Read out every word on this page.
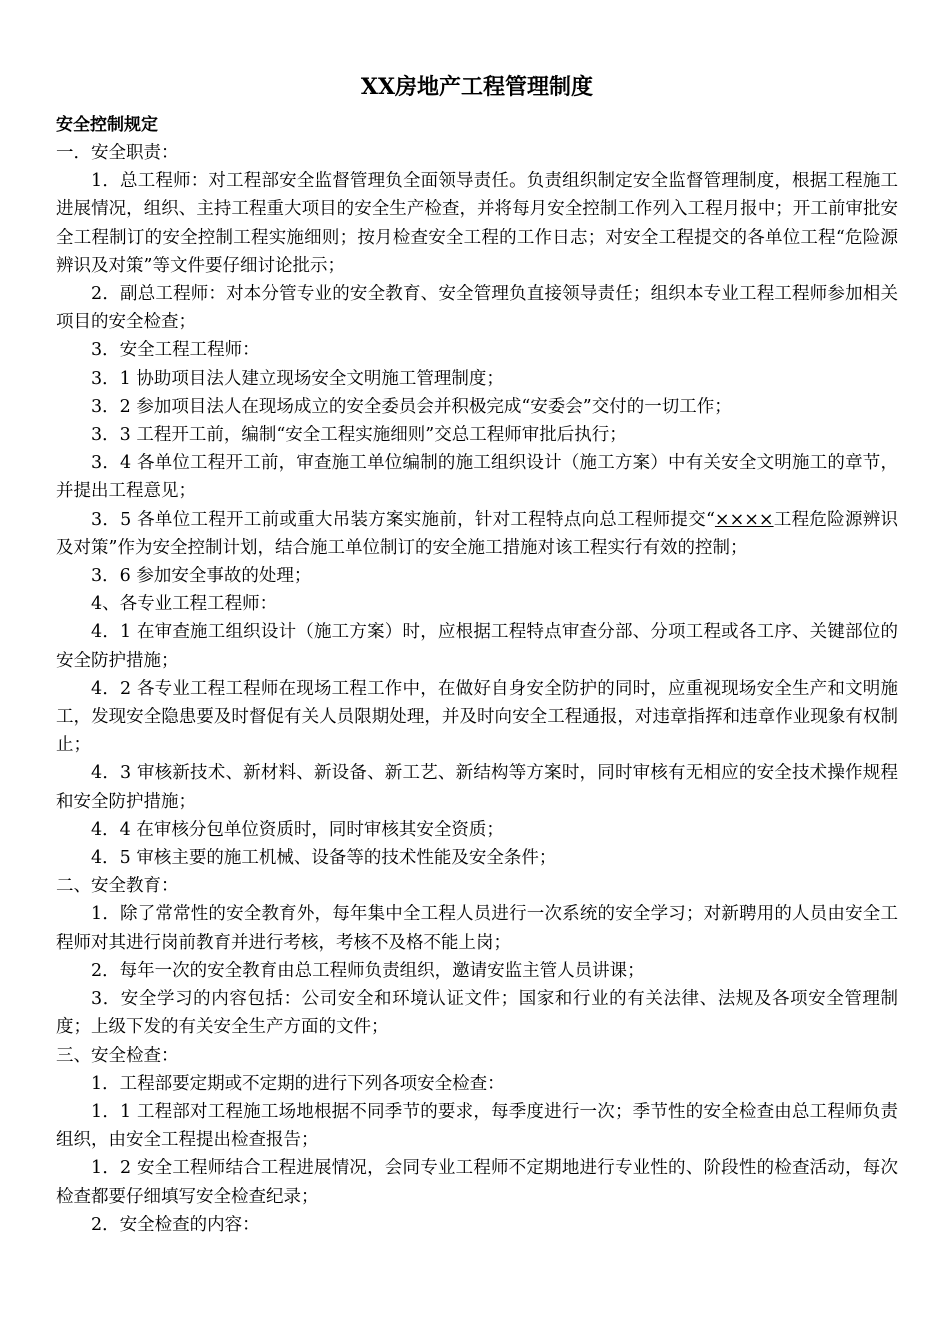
XX房地产工程管理制度
安全控制规定

一．安全职责：

1．总工程师：对工程部安全监督管理负全面领导责任。负责组织制定安全监督管理制度，根据工程施工进展情况，组织、主持工程重大项目的安全生产检查，并将每月安全控制工作列入工程月报中；开工前审批安全工程制订的安全控制工程实施细则；按月检查安全工程的工作日志；对安全工程提交的各单位工程“危险源辨识及对策”等文件要仔细讨论批示；

2．副总工程师：对本分管专业的安全教育、安全管理负直接领导责任；组织本专业工程工程师参加相关项目的安全检查；

3．安全工程工程师：

3．1 协助项目法人建立现场安全文明施工管理制度；

3．2 参加项目法人在现场成立的安全委员会并积极完成“安委会”交付的一切工作；

3．3 工程开工前，编制“安全工程实施细则”交总工程师审批后执行；

3．4 各单位工程开工前，审查施工单位编制的施工组织设计（施工方案）中有关安全文明施工的章节，并提出工程意见；

3．5 各单位工程开工前或重大吊装方案实施前，针对工程特点向总工程师提交“××××工程危险源辨识及对策”作为安全控制计划，结合施工单位制订的安全施工措施对该工程实行有效的控制；

3．6 参加安全事故的处理；

4、各专业工程工程师：

4．1 在审查施工组织设计（施工方案）时，应根据工程特点审查分部、分项工程或各工序、关键部位的安全防护措施；

4．2 各专业工程工程师在现场工程工作中，在做好自身安全防护的同时，应重视现场安全生产和文明施工，发现安全隐患要及时督促有关人员限期处理，并及时向安全工程通报，对违章指挥和违章作业现象有权制止；

4．3 审核新技术、新材料、新设备、新工艺、新结构等方案时，同时审核有无相应的安全技术操作规程和安全防护措施；

4．4 在审核分包单位资质时，同时审核其安全资质；

4．5 审核主要的施工机械、设备等的技术性能及安全条件；

二、安全教育：

1．除了常常性的安全教育外，每年集中全工程人员进行一次系统的安全学习；对新聘用的人员由安全工程师对其进行岗前教育并进行考核，考核不及格不能上岗；

2．每年一次的安全教育由总工程师负责组织，邀请安监主管人员讲课；

3．安全学习的内容包括：公司安全和环境认证文件；国家和行业的有关法律、法规及各项安全管理制度；上级下发的有关安全生产方面的文件；

三、安全检查：

1．工程部要定期或不定期的进行下列各项安全检查：

1．1 工程部对工程施工场地根据不同季节的要求，每季度进行一次；季节性的安全检查由总工程师负责组织，由安全工程提出检查报告；

1．2 安全工程师结合工程进展情况，会同专业工程师不定期地进行专业性的、阶段性的检查活动，每次检查都要仔细填写安全检查纪录；

2．安全检查的内容：
